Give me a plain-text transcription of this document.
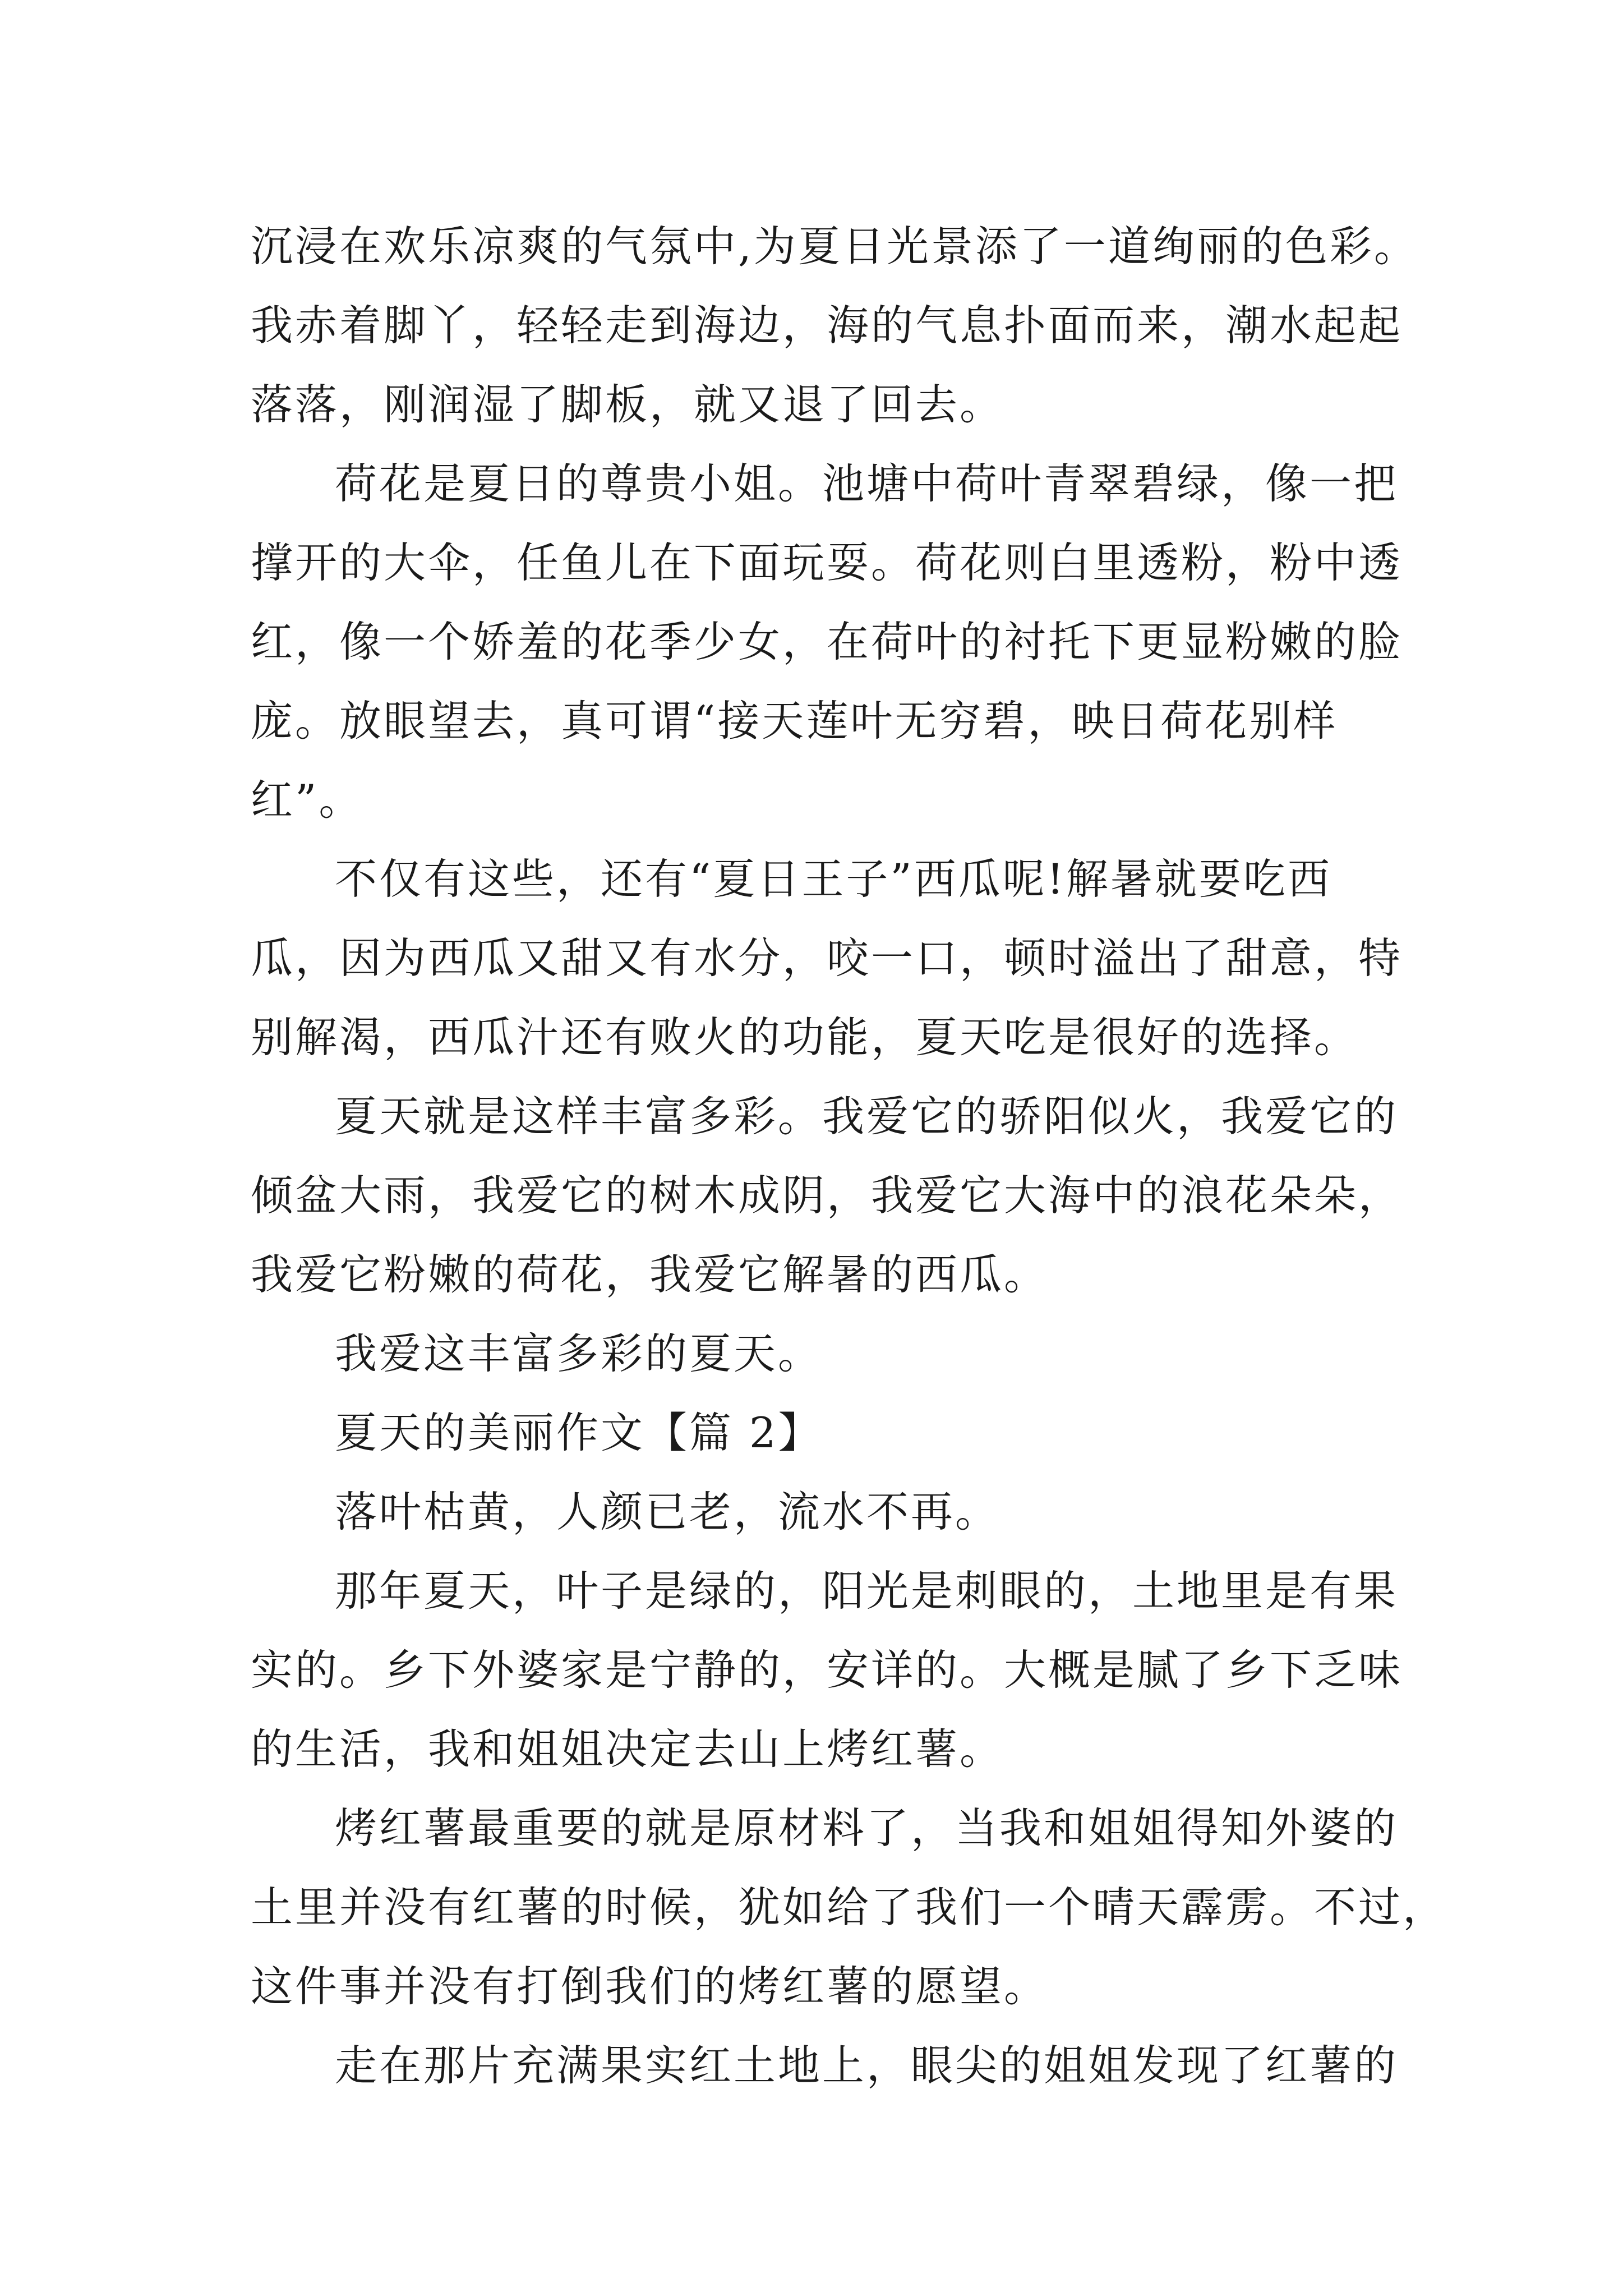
沉浸在欢乐凉爽的气氛中,为夏日光景添了一道绚丽的色彩。
我赤着脚丫，轻轻走到海边，海的气息扑面而来，潮水起起
落落，刚润湿了脚板，就又退了回去。
荷花是夏日的尊贵小姐。池塘中荷叶青翠碧绿，像一把
撑开的大伞，任鱼儿在下面玩耍。荷花则白里透粉，粉中透
红，像一个娇羞的花季少女，在荷叶的衬托下更显粉嫩的脸
庞。放眼望去，真可谓“接天莲叶无穷碧，映日荷花别样
红”。
不仅有这些，还有“夏日王子”西瓜呢!解暑就要吃西
瓜，因为西瓜又甜又有水分，咬一口，顿时溢出了甜意，特
别解渴，西瓜汁还有败火的功能，夏天吃是很好的选择。
夏天就是这样丰富多彩。我爱它的骄阳似火，我爱它的
倾盆大雨，我爱它的树木成阴，我爱它大海中的浪花朵朵，
我爱它粉嫩的荷花，我爱它解暑的西瓜。
我爱这丰富多彩的夏天。
夏天的美丽作文【篇 2】
落叶枯黄，人颜已老，流水不再。
那年夏天，叶子是绿的，阳光是刺眼的，土地里是有果
实的。乡下外婆家是宁静的，安详的。大概是腻了乡下乏味
的生活，我和姐姐决定去山上烤红薯。
烤红薯最重要的就是原材料了，当我和姐姐得知外婆的
土里并没有红薯的时候，犹如给了我们一个晴天霹雳。不过，
这件事并没有打倒我们的烤红薯的愿望。
走在那片充满果实红土地上，眼尖的姐姐发现了红薯的
